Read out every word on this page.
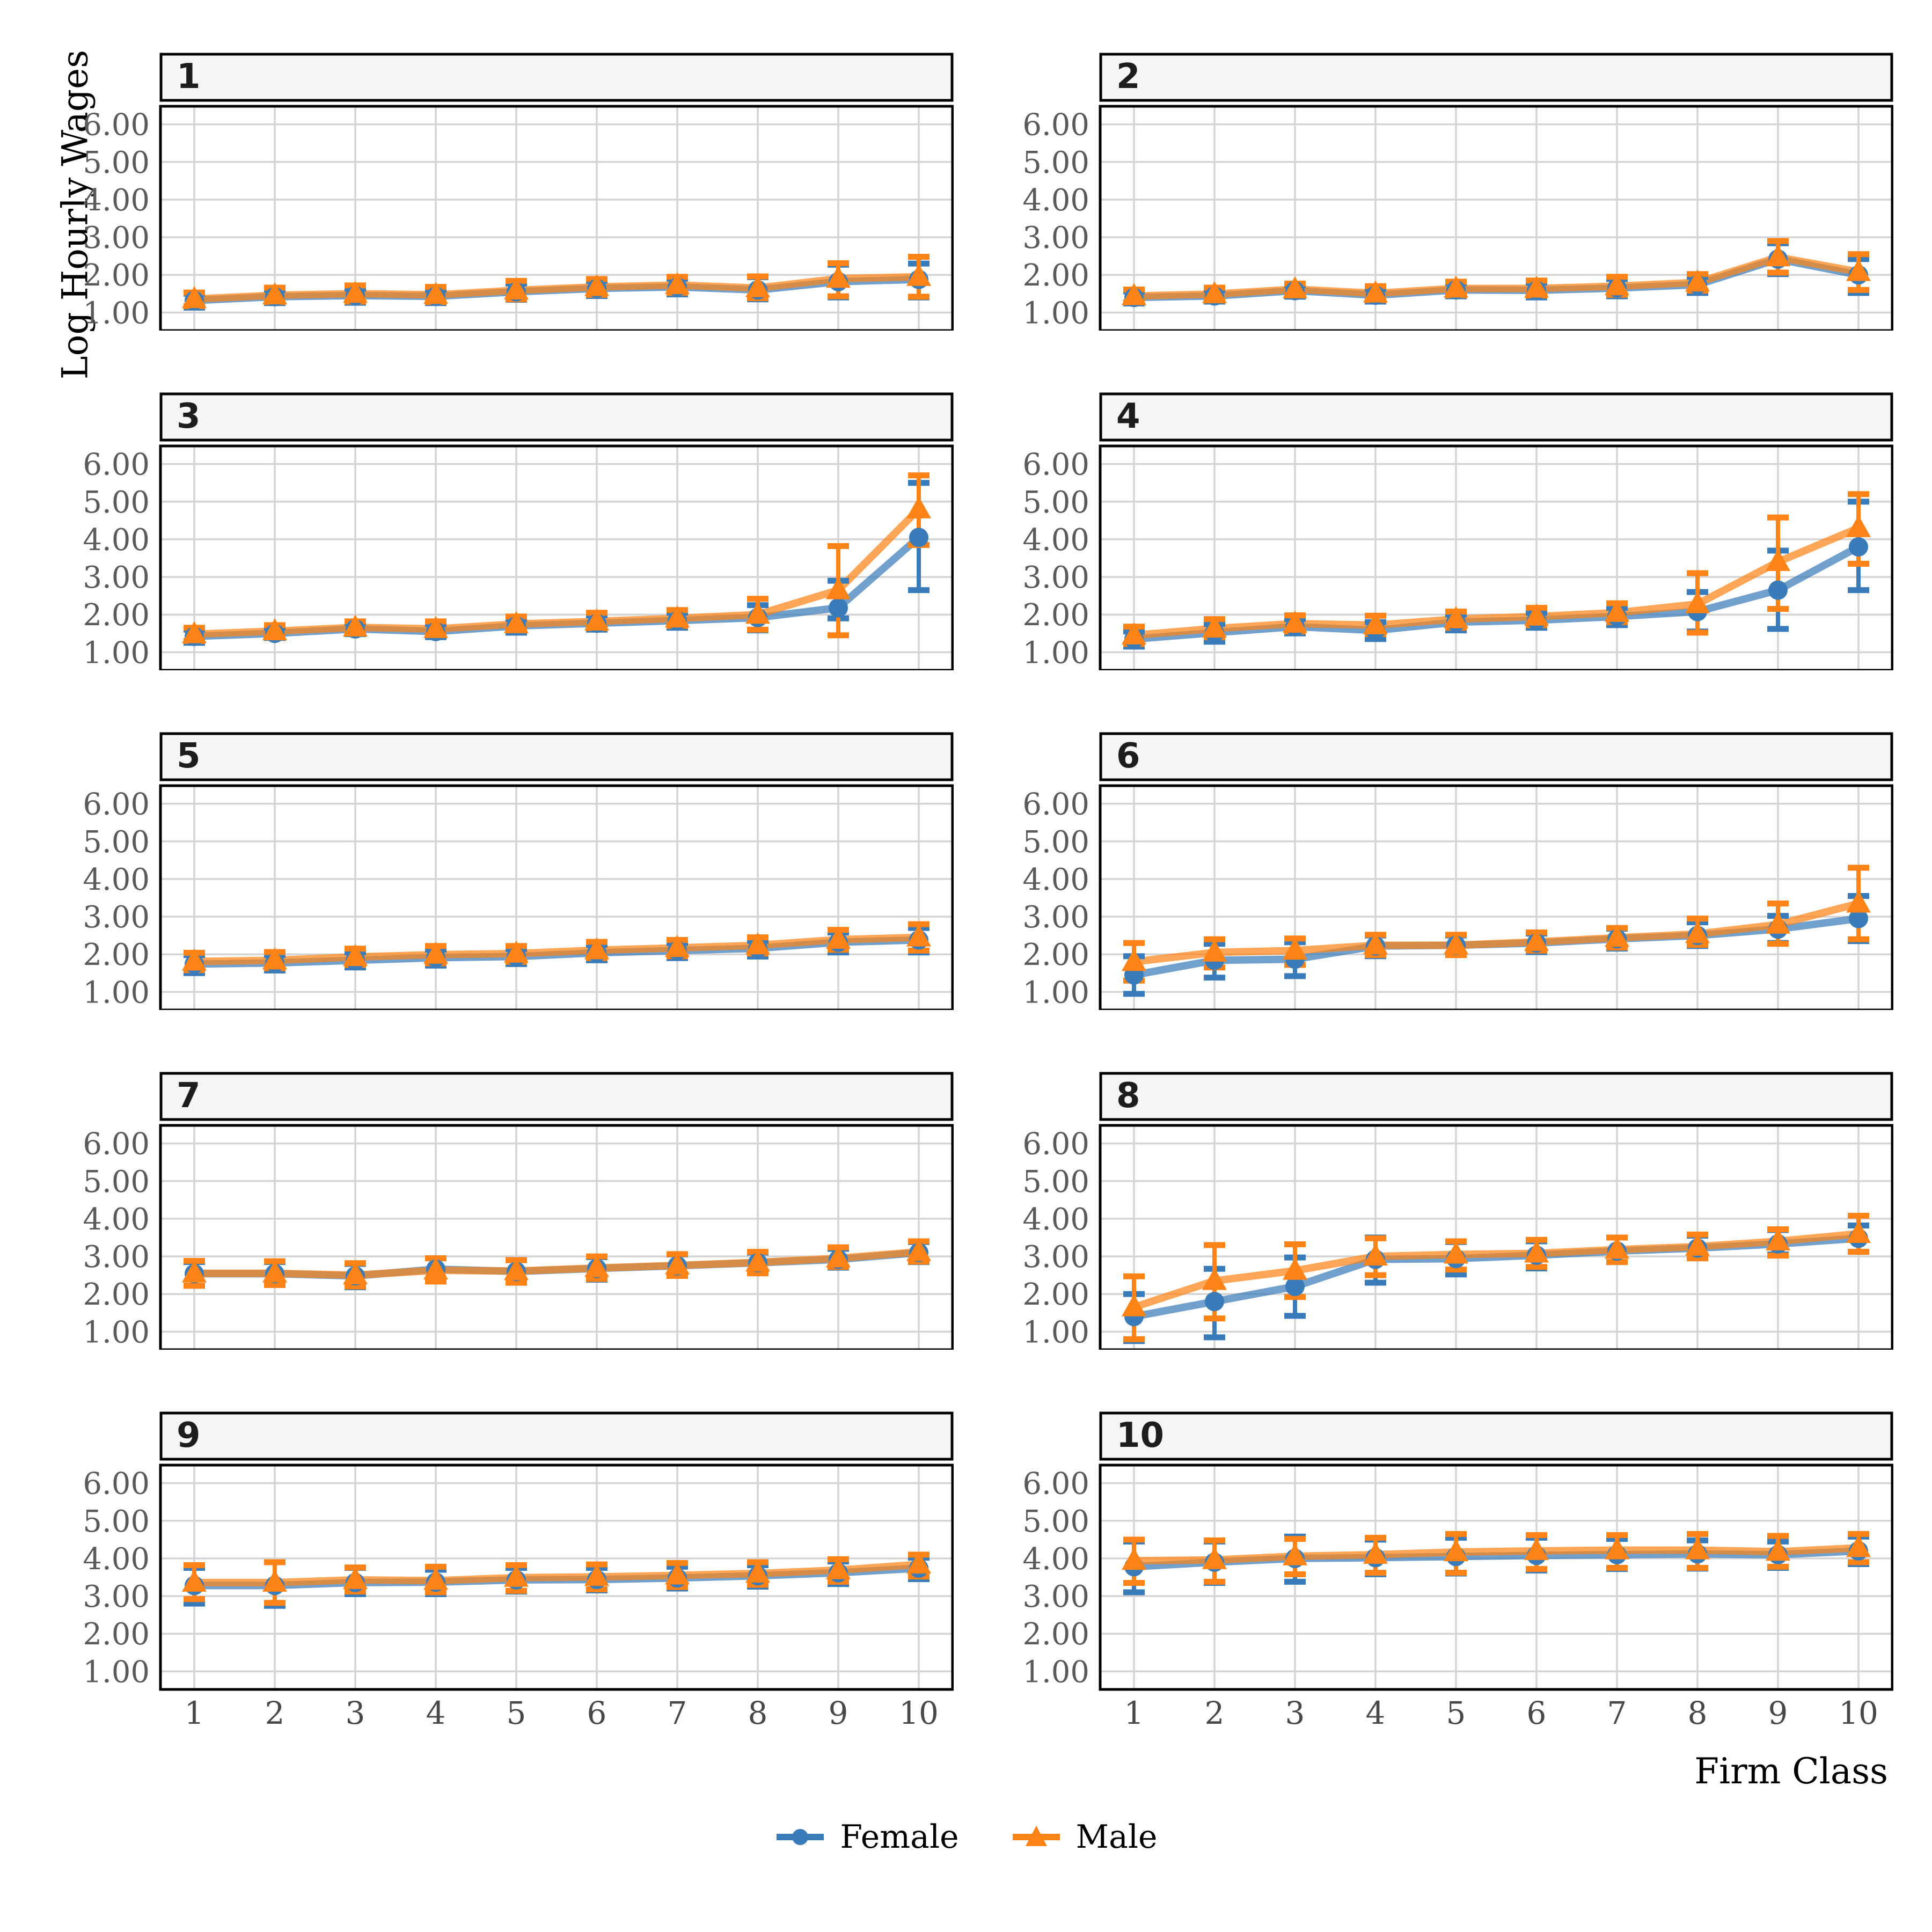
Log Hourly Wages 1
1.00
2.00
3.00
4.00
5.00
6.00
2
1.00
2.00
3.00
4.00
5.00
6.00
3
1.00
2.00
3.00
4.00
5.00
6.00
4
1.00
2.00
3.00
4.00
5.00
6.00
5
1.00
2.00
3.00
4.00
5.00
6.00
6
1.00
2.00
3.00
4.00
5.00
6.00
7
1.00
2.00
3.00
4.00
5.00
6.00
8
1.00
2.00
3.00
4.00
5.00
6.00
9
1.00
2.00
3.00
4.00
5.00
6.00
1 2 3 4 5 6 7 8 9 10
10
1.00
2.00
3.00
4.00
5.00
6.00
1 2 3 4 5 6 7 8 9 10
Firm Class
Female	Male
